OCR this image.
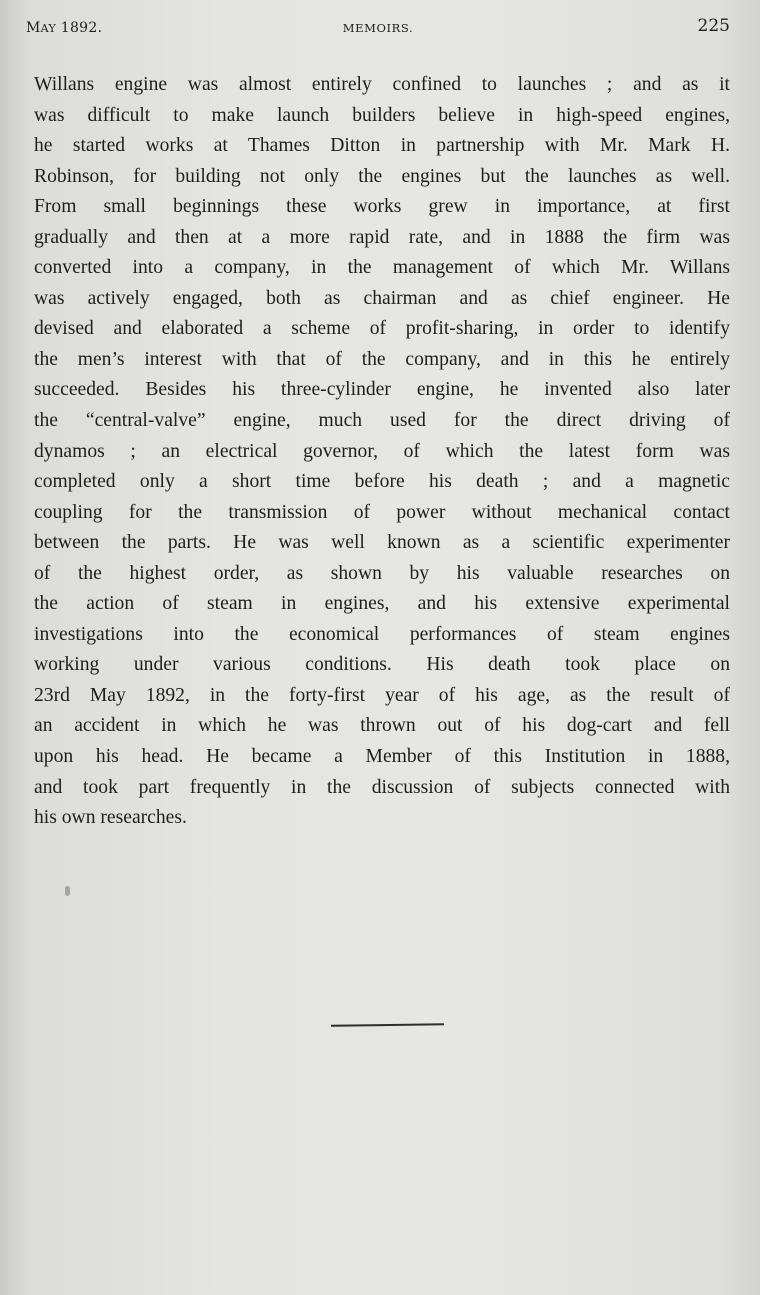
MAY 1892.	MEMOIRS.	225
Willans engine was almost entirely confined to launches ; and as it
was difficult to make launch builders believe in high-speed engines,
he started works at Thames Ditton in partnership with Mr. Mark H.
Robinson, for building not only the engines but the launches as well.
From small beginnings these works grew in importance, at first
gradually and then at a more rapid rate, and in 1888 the firm was
converted into a company, in the management of which Mr. Willans
was actively engaged, both as chairman and as chief engineer. He
devised and elaborated a scheme of profit-sharing, in order to identify
the men’s interest with that of the company, and in this he entirely
succeeded. Besides his three-cylinder engine, he invented also later
the “central-valve” engine, much used for the direct driving of
dynamos ; an electrical governor, of which the latest form was
completed only a short time before his death ; and a magnetic
coupling for the transmission of power without mechanical contact
between the parts. He was well known as a scientific experimenter
of the highest order, as shown by his valuable researches on
the action of steam in engines, and his extensive experimental
investigations into the economical performances of steam engines
working under various conditions. His death took place on
23rd May 1892, in the forty-first year of his age, as the result of
an accident in which he was thrown out of his dog-cart and fell
upon his head. He became a Member of this Institution in 1888,
and took part frequently in the discussion of subjects connected with
his own researches.
